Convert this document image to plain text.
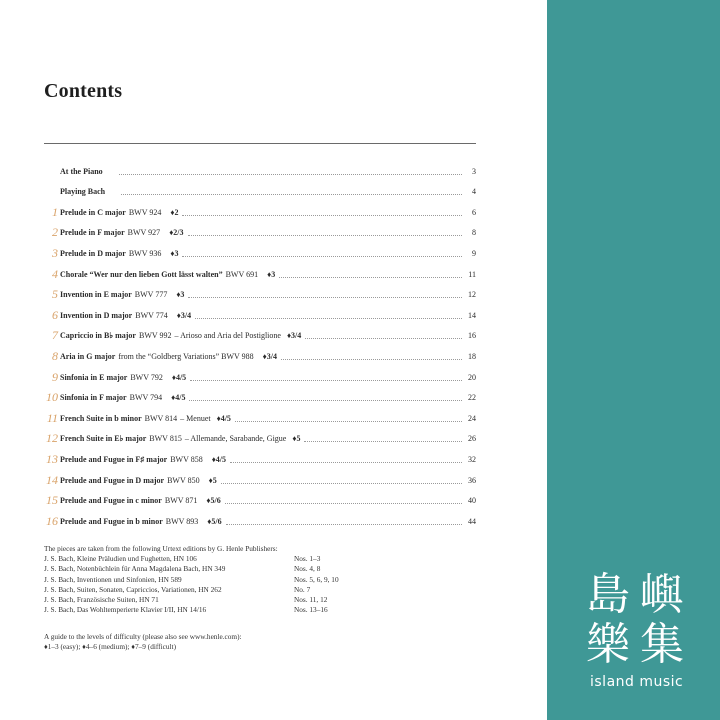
Contents
At the Piano	3
Playing Bach	4
1 Prelude in C major BWV 924 ♦2	6
2 Prelude in F major BWV 927 ♦2/3	8
3 Prelude in D major BWV 936 ♦3	9
4 Chorale “Wer nur den lieben Gott lässt walten” BWV 691 ♦3	11
5 Invention in E major BWV 777 ♦3	12
6 Invention in D major BWV 774 ♦3/4	14
7 Capriccio in B♭ major BWV 992 – Arioso and Aria del Postiglione ♦3/4	16
8 Aria in G major from the “Goldberg Variations” BWV 988 ♦3/4	18
9 Sinfonia in E major BWV 792 ♦4/5	20
10 Sinfonia in F major BWV 794 ♦4/5	22
11 French Suite in b minor BWV 814 – Menuet ♦4/5	24
12 French Suite in E♭ major BWV 815 – Allemande, Sarabande, Gigue ♦5	26
13 Prelude and Fugue in F♯ major BWV 858 ♦4/5	32
14 Prelude and Fugue in D major BWV 850 ♦5	36
15 Prelude and Fugue in c minor BWV 871 ♦5/6	40
16 Prelude and Fugue in b minor BWV 893 ♦5/6	44
The pieces are taken from the following Urtext editions by G. Henle Publishers:
J. S. Bach, Kleine Präludien und Fughetten, HN 106	Nos. 1–3
J. S. Bach, Notenbüchlein für Anna Magdalena Bach, HN 349	Nos. 4, 8
J. S. Bach, Inventionen und Sinfonien, HN 589	Nos. 5, 6, 9, 10
J. S. Bach, Suiten, Sonaten, Capriccios, Variationen, HN 262	No. 7
J. S. Bach, Französische Suiten, HN 71	Nos. 11, 12
J. S. Bach, Das Wohltemperierte Klavier I/II, HN 14/16	Nos. 13–16
A guide to the levels of difficulty (please also see www.henle.com):
♦1–3 (easy); ♦4–6 (medium); ♦7–9 (difficult)
島 嶼
樂 集
island music
